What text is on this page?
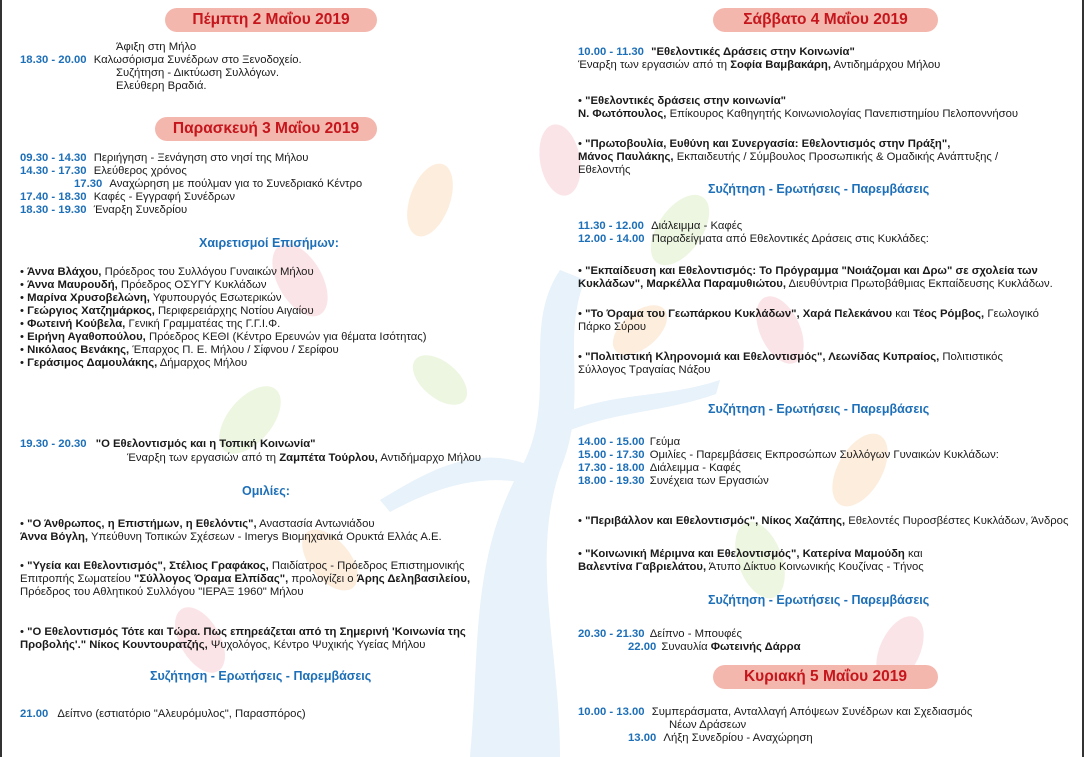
Πέμπτη 2 Μαΐου 2019
Άφιξη στη Μήλο
18.30 - 20.00 Καλωσόρισμα Συνέδρων στο Ξενοδοχείο.
Συζήτηση - Δικτύωση Συλλόγων.
Ελεύθερη Βραδιά.
Παρασκευή 3 Μαΐου 2019
09.30 - 14.30 Περιήγηση - Ξενάγηση στο νησί της Μήλου
14.30 - 17.30 Ελεύθερος χρόνος
17.30 Αναχώρηση με πούλμαν για το Συνεδριακό Κέντρο
17.40 - 18.30 Καφές - Εγγραφή Συνέδρων
18.30 - 19.30 Έναρξη Συνεδρίου
Χαιρετισμοί Επισήμων:
• Άννα Βλάχου, Πρόεδρος του Συλλόγου Γυναικών Μήλου
• Άννα Μαυρουδή, Πρόεδρος ΟΣΥΓΥ Κυκλάδων
• Μαρίνα Χρυσοβελώνη, Υφυπουργός Εσωτερικών
• Γεώργιος Χατζημάρκος, Περιφερειάρχης Νοτίου Αιγαίου
• Φωτεινή Κούβελα, Γενική Γραμματέας της Γ.Γ.Ι.Φ.
• Ειρήνη Αγαθοπούλου, Πρόεδρος ΚΕΘΙ (Κέντρο Ερευνών για θέματα Ισότητας)
• Νικόλαος Βενάκης, Έπαρχος Π. Ε. Μήλου / Σίφνου / Σερίφου
• Γεράσιμος Δαμουλάκης, Δήμαρχος Μήλου
19.30 - 20.30 "Ο Εθελοντισμός και η Τοπική Κοινωνία"
Έναρξη των εργασιών από τη Ζαμπέτα Τούρλου, Αντιδήμαρχο Μήλου
Ομιλίες:
• "Ο Άνθρωπος, η Επιστήμων, η Εθελόντις", Αναστασία Αντωνιάδου
Άννα Βόγλη, Υπεύθυνη Τοπικών Σχέσεων - Imerys Βιομηχανικά Ορυκτά Ελλάς Α.Ε.
• "Υγεία και Εθελοντισμός", Στέλιος Γραφάκος, Παιδίατρος - Πρόεδρος Επιστημονικής
Επιτροπής Σωματείου "Σύλλογος Όραμα Ελπίδας", προλογίζει ο Άρης Δεληβασιλείου,
Πρόεδρος του Αθλητικού Συλλόγου "ΙΕΡΑΞ 1960" Μήλου
• "Ο Εθελοντισμός Τότε και Τώρα. Πως επηρεάζεται από τη Σημερινή 'Κοινωνία της
Προβολής'." Νίκος Κουντουρατζής, Ψυχολόγος, Κέντρο Ψυχικής Υγείας Μήλου
Συζήτηση - Ερωτήσεις - Παρεμβάσεις
21.00 Δείπνο (εστιατόριο "Αλευρόμυλος", Παρασπόρος)
Σάββατο 4 Μαΐου 2019
10.00 - 11.30 "Εθελοντικές Δράσεις στην Κοινωνία"
Έναρξη των εργασιών από τη Σοφία Βαμβακάρη, Αντιδημάρχου Μήλου
• "Εθελοντικές δράσεις στην κοινωνία"
Ν. Φωτόπουλος, Επίκουρος Καθηγητής Κοινωνιολογίας Πανεπιστημίου Πελοποννήσου
• "Πρωτοβουλία, Ευθύνη και Συνεργασία: Εθελοντισμός στην Πράξη",
Μάνος Παυλάκης, Εκπαιδευτής / Σύμβουλος Προσωπικής & Ομαδικής Ανάπτυξης /
Εθελοντής
Συζήτηση - Ερωτήσεις - Παρεμβάσεις
11.30 - 12.00 Διάλειμμα - Καφές
12.00 - 14.00 Παραδείγματα από Εθελοντικές Δράσεις στις Κυκλάδες:
• "Εκπαίδευση και Εθελοντισμός: Το Πρόγραμμα "Νοιάζομαι και Δρω" σε σχολεία των
Κυκλάδων", Μαρκέλλα Παραμυθιώτου, Διευθύντρια Πρωτοβάθμιας Εκπαίδευσης Κυκλάδων.
• "Το Όραμα του Γεωπάρκου Κυκλάδων", Χαρά Πελεκάνου και Τέος Ρόμβος, Γεωλογικό
Πάρκο Σύρου
• "Πολιτιστική Κληρονομιά και Εθελοντισμός", Λεωνίδας Κυπραίος, Πολιτιστικός
Σύλλογος Τραγαίας Νάξου
Συζήτηση - Ερωτήσεις - Παρεμβάσεις
14.00 - 15.00 Γεύμα
15.00 - 17.30 Ομιλίες - Παρεμβάσεις Εκπροσώπων Συλλόγων Γυναικών Κυκλάδων:
17.30 - 18.00 Διάλειμμα - Καφές
18.00 - 19.30 Συνέχεια των Εργασιών
• "Περιβάλλον και Εθελοντισμός", Νίκος Χαζάπης, Εθελοντές Πυροσβέστες Κυκλάδων, Άνδρος
• "Κοινωνική Μέριμνα και Εθελοντισμός", Κατερίνα Μαμούδη και
Βαλεντίνα Γαβριελάτου, Άτυπο Δίκτυο Κοινωνικής Κουζίνας - Τήνος
Συζήτηση - Ερωτήσεις - Παρεμβάσεις
20.30 - 21.30 Δείπνο - Μπουφές
22.00 Συναυλία Φωτεινής Δάρρα
Κυριακή 5 Μαΐου 2019
10.00 - 13.00 Συμπεράσματα, Ανταλλαγή Απόψεων Συνέδρων και Σχεδιασμός
Νέων Δράσεων
13.00 Λήξη Συνεδρίου - Αναχώρηση
